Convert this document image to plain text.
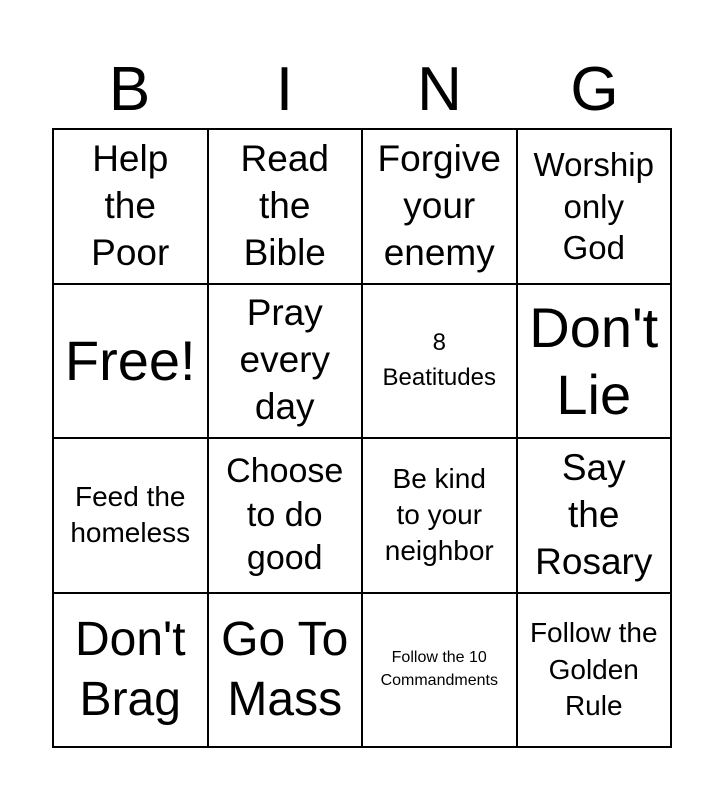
B	I	N	G
Help
the
Poor
Read
the
Bible
Forgive
your
enemy
Worship
only
God
Free!
Pray
every
day
8
Beatitudes
Don't
Lie
Feed the
homeless
Choose
to do
good
Be kind
to your
neighbor
Say
the
Rosary
Don't
Brag
Go To
Mass
Follow the 10
Commandments
Follow the
Golden
Rule
